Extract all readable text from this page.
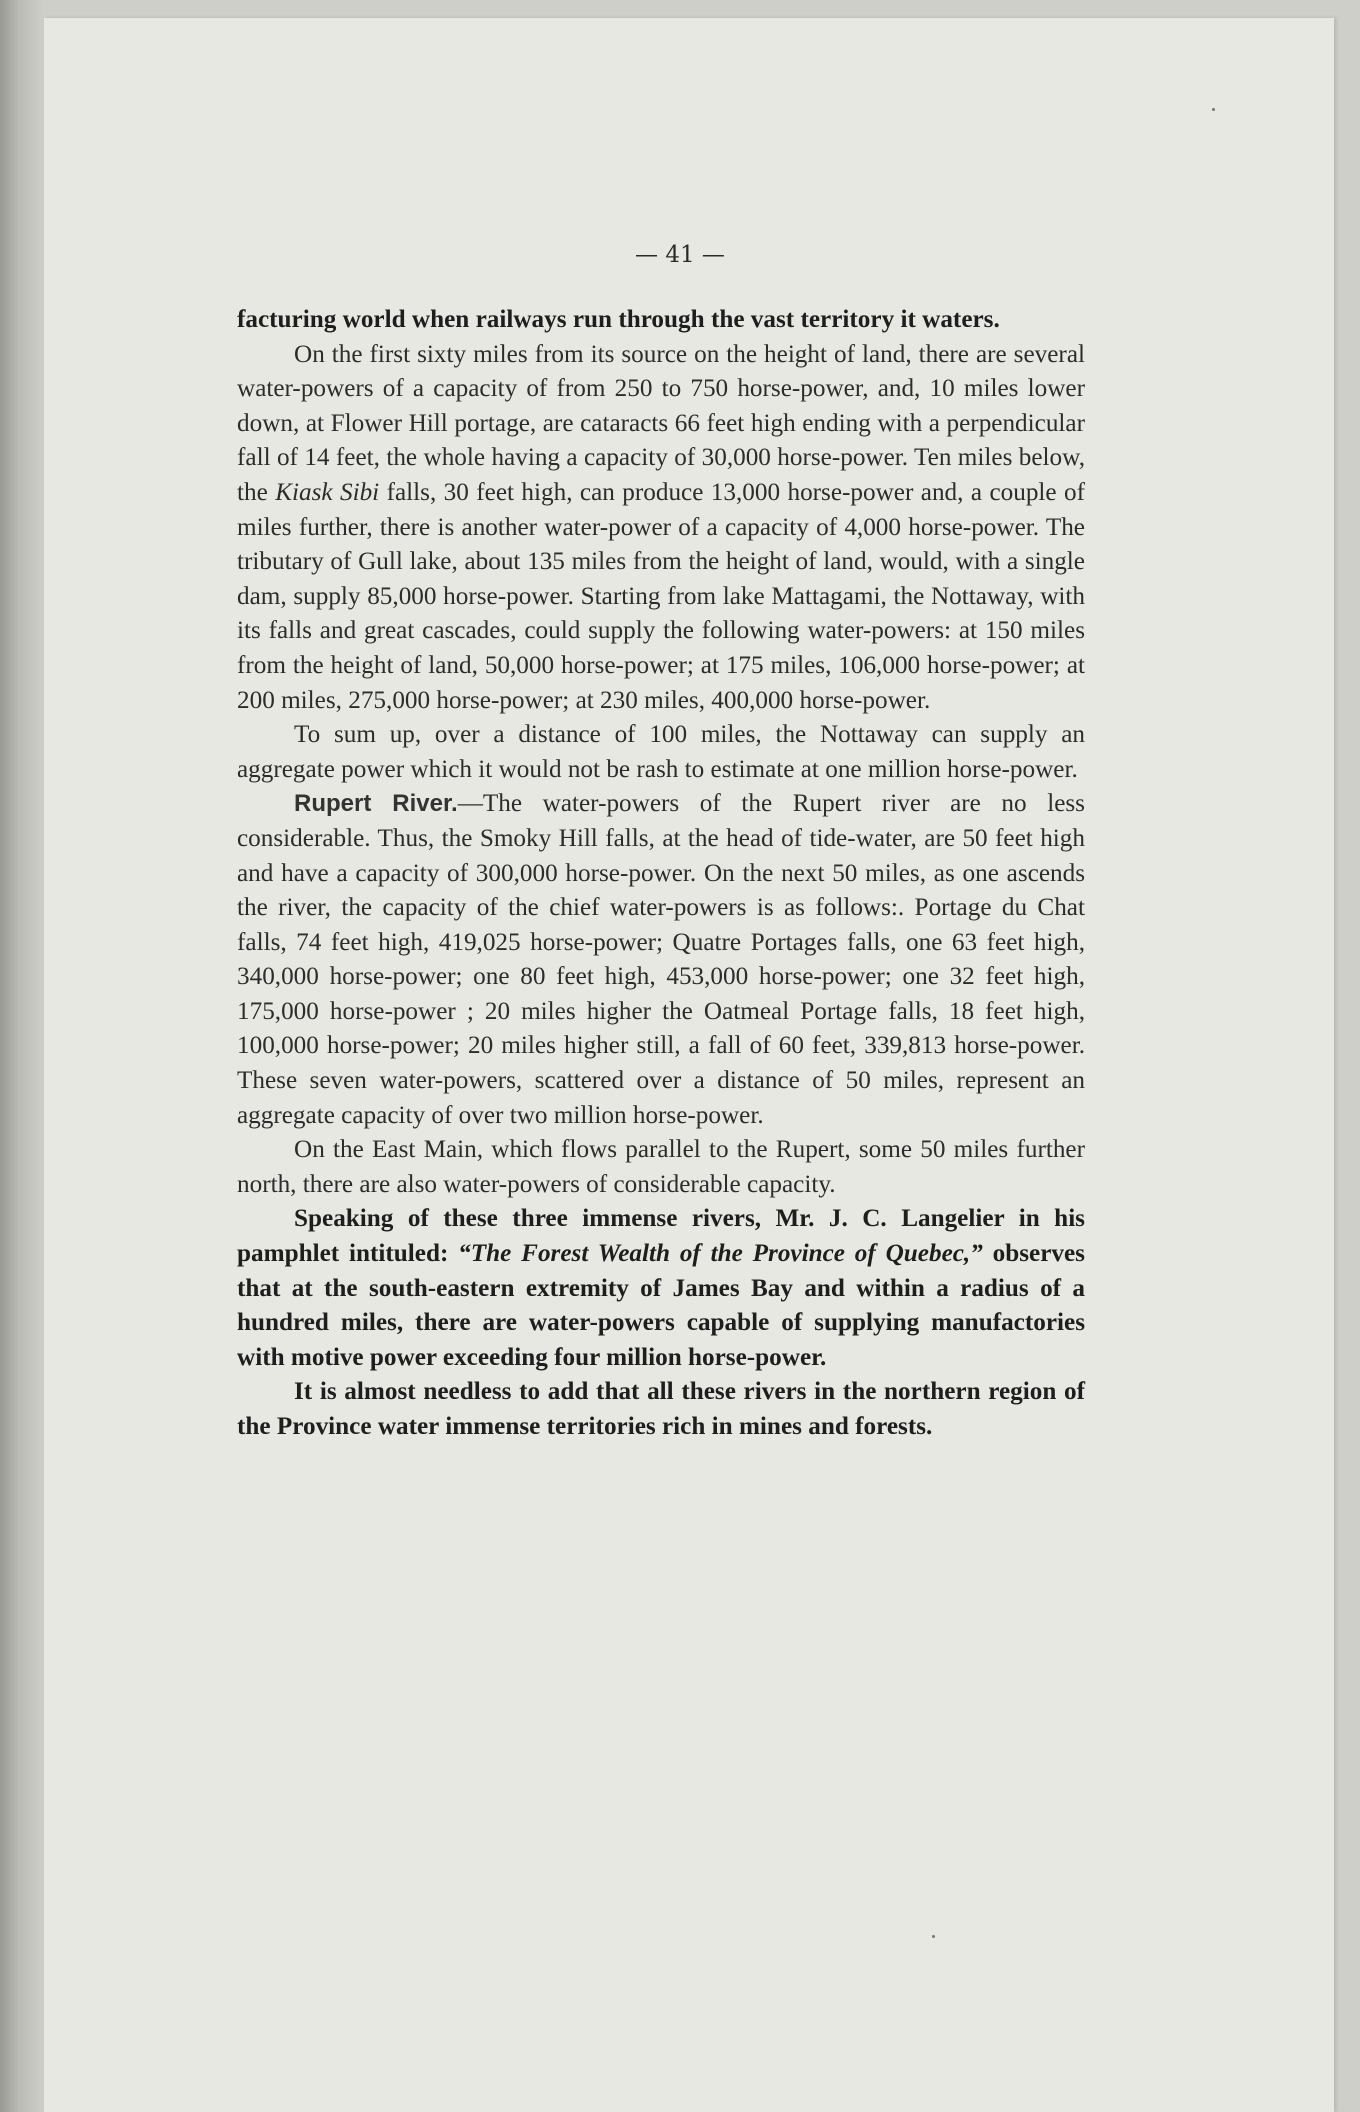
— 41 —

facturing world when railways run through the vast territory it waters.

On the first sixty miles from its source on the height of land, there are several water-powers of a capacity of from 250 to 750 horse-power, and, 10 miles lower down, at Flower Hill portage, are cataracts 66 feet high ending with a perpendicular fall of 14 feet, the whole having a capacity of 30,000 horse-power. Ten miles below, the Kiask Sibi falls, 30 feet high, can produce 13,000 horse-power and, a couple of miles further, there is another water-power of a capacity of 4,000 horse-power. The tributary of Gull lake, about 135 miles from the height of land, would, with a single dam, supply 85,000 horse-power. Starting from lake Mattagami, the Nottaway, with its falls and great cascades, could supply the following water-powers: at 150 miles from the height of land, 50,000 horse-power; at 175 miles, 106,000 horse-power; at 200 miles, 275,000 horse-power; at 230 miles, 400,000 horse-power.

To sum up, over a distance of 100 miles, the Nottaway can supply an aggregate power which it would not be rash to estimate at one million horse-power.

Rupert River.—The water-powers of the Rupert river are no less considerable. Thus, the Smoky Hill falls, at the head of tide-water, are 50 feet high and have a capacity of 300,000 horse-power. On the next 50 miles, as one ascends the river, the capacity of the chief water-powers is as follows:. Portage du Chat falls, 74 feet high, 419,025 horse-power; Quatre Portages falls, one 63 feet high, 340,000 horse-power; one 80 feet high, 453,000 horse-power; one 32 feet high, 175,000 horse-power ; 20 miles higher the Oatmeal Portage falls, 18 feet high, 100,000 horse-power; 20 miles higher still, a fall of 60 feet, 339,813 horse-power. These seven water-powers, scattered over a distance of 50 miles, represent an aggregate capacity of over two million horse-power.

On the East Main, which flows parallel to the Rupert, some 50 miles further north, there are also water-powers of considerable capacity.

Speaking of these three immense rivers, Mr. J. C. Langelier in his pamphlet intituled: “The Forest Wealth of the Province of Quebec,” observes that at the south-eastern extremity of James Bay and within a radius of a hundred miles, there are water-powers capable of supplying manufactories with motive power exceeding four million horse-power.

It is almost needless to add that all these rivers in the northern region of the Province water immense territories rich in mines and forests.
